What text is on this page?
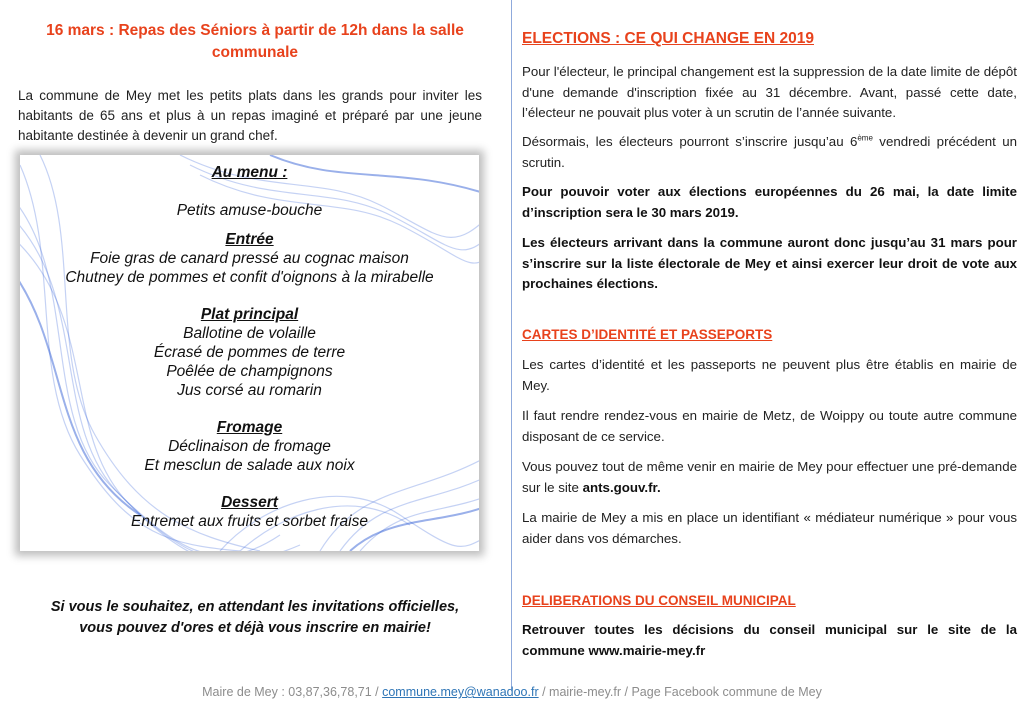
16 mars : Repas des Séniors à partir de 12h dans la salle
communale
La commune de Mey met les petits plats dans les grands pour inviter les habitants de 65 ans et plus à un repas imaginé et préparé par une jeune habitante destinée à devenir un grand chef.
Au menu :
Petits amuse-bouche
Entrée
Foie gras de canard pressé au cognac maison
Chutney de pommes et confit d'oignons à la mirabelle
Plat principal
Ballotine de volaille
Écrasé de pommes de terre
Poêlée de champignons
Jus corsé au romarin
Fromage
Déclinaison de fromage
Et mesclun de salade aux noix
Dessert
Entremet aux fruits et sorbet fraise
Si vous le souhaitez, en attendant les invitations officielles,
vous pouvez d'ores et déjà vous inscrire en mairie!
ELECTIONS : CE QUI CHANGE EN 2019
Pour l'électeur, le principal changement est la suppression de la date limite de dépôt d'une demande d'inscription fixée au 31 décembre. Avant, passé cette date, l’électeur ne pouvait plus voter à un scrutin de l’année suivante.
Désormais, les électeurs pourront s’inscrire jusqu’au 6ème vendredi précédent un scrutin.
Pour pouvoir voter aux élections européennes du 26 mai, la date limite d’inscription sera le 30 mars 2019.
Les électeurs arrivant dans la commune auront donc jusqu’au 31 mars pour s’inscrire sur la liste électorale de Mey et ainsi exercer leur droit de vote aux prochaines élections.
CARTES D’IDENTITÉ ET PASSEPORTS
Les cartes d’identité et les passeports ne peuvent plus être établis en mairie de Mey.
Il faut rendre rendez-vous en mairie de Metz, de Woippy ou toute autre commune disposant de ce service.
Vous pouvez tout de même venir en mairie de Mey pour effectuer une pré-demande sur le site ants.gouv.fr.
La mairie de Mey a mis en place un identifiant « médiateur numérique » pour vous aider dans vos démarches.
DELIBERATIONS DU CONSEIL MUNICIPAL
Retrouver toutes les décisions du conseil municipal sur le site de la commune www.mairie-mey.fr
Maire de Mey : 03,87,36,78,71 / commune.mey@wanadoo.fr / mairie-mey.fr / Page Facebook commune de Mey
